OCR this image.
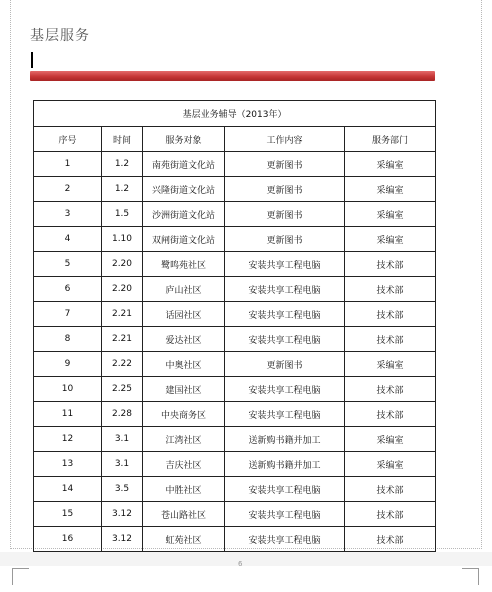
基层服务
基层业务辅导（2013年）				
序号	时间	服务对象	工作内容	服务部门
1	1.2	南苑街道文化站	更新图书	采编室
2	1.2	兴隆街道文化站	更新图书	采编室
3	1.5	沙洲街道文化站	更新图书	采编室
4	1.10	双闸街道文化站	更新图书	采编室
5	2.20	鹭鸣苑社区	安装共享工程电脑	技术部
6	2.20	庐山社区	安装共享工程电脑	技术部
7	2.21	话园社区	安装共享工程电脑	技术部
8	2.21	爱达社区	安装共享工程电脑	技术部
9	2.22	中奥社区	更新图书	采编室
10	2.25	建国社区	安装共享工程电脑	技术部
11	2.28	中央商务区	安装共享工程电脑	技术部
12	3.1	江湾社区	送新购书籍并加工	采编室
13	3.1	吉庆社区	送新购书籍并加工	采编室
14	3.5	中胜社区	安装共享工程电脑	技术部
15	3.12	苍山路社区	安装共享工程电脑	技术部
16	3.12	虹苑社区	安装共享工程电脑	技术部
6
